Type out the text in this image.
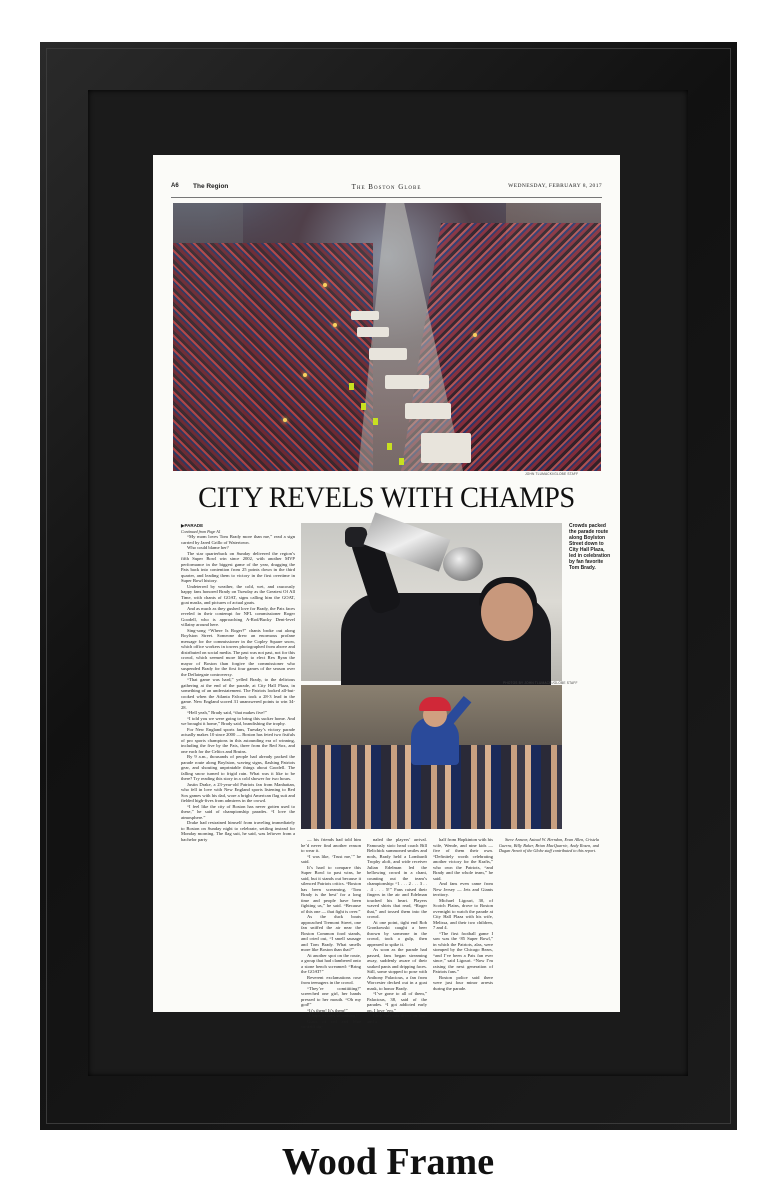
A6 The Region	The Boston Globe	WEDNESDAY, FEBRUARY 8, 2017
JOHN TLUMACKI/GLOBE STAFF
CITY REVELS WITH CHAMPS
▶PARADE
Continued from Page A1

“My mom loves Tom Brady more than me,” read a sign carried by Jared Grillo of Watertown.

Who could blame her?

The star quarterback on Sunday delivered the region’s fifth Super Bowl win since 2002, with another MVP performance in the biggest game of the year, dragging the Pats back into contention from 25 points down in the third quarter, and leading them to victory in the first overtime in Super Bowl history.

Undeterred by weather, the cold, wet, and raucously happy fans honored Brady on Tuesday as the Greatest Of All Time, with chants of GOAT, signs calling him the GOAT, goat masks, and pictures of actual goats.

And as much as they gushed love for Brady, the Pats faces reveled in their contempt for NFL commissioner Roger Goodell, who is approaching A-Rod/Bucky Dent-level villainy around here.

Sing-song “Where Is Roger?” chants broke out along Boylston Street. Someone drew an enormous profane message for the commissioner in the Copley Square snow, which office workers in towers photographed from above and distributed on social media. The past was not past, not for this crowd, which seemed more likely to elect Rex Ryan the mayor of Boston than forgive the commissioner who suspended Brady for the first four games of the season over the Deflategate controversy.

“That game was hard,” yelled Brady, to the delirious gathering at the end of the parade, at City Hall Plaza, in something of an understatement. The Patriots looked all-but-cooked when the Atlanta Falcons took a 28-3 lead in the game. New England scored 31 unanswered points to win 34-28.

“Hell yeah,” Brady said, “that makes five!”

“I told you we were going to bring this sucker home. And we brought it home,” Brady said, brandishing the trophy.

For New England sports fans, Tuesday’s victory parade actually makes 10 since 2000 — Boston has feted two fistfuls of pro sports champions in this astounding era of winning, including the five by the Pats, three from the Red Sox, and one each for the Celtics and Bruins.

By 9 a.m., thousands of people had already packed the parade route along Boylston, waving signs, flashing Patriots gear, and shouting unprintable things about Goodell. The falling snow turned to frigid rain. What was it like to be there? Try reading this story in a cold shower for two hours.

Justin Drake, a 23-year-old Patriots fan from Manhattan, who fell in love with New England sports listening to Red Sox games with his dad, wore a bright American flag suit and fielded high-fives from admirers in the crowd.

“I feel like the city of Boston has never gotten used to these,” he said of championship parades. “I love the atmosphere.”

Drake had restrained himself from traveling immediately to Boston on Sunday night to celebrate, settling instead for Monday morning. The flag suit, he said, was leftover from a bachelor party

PHOTOS BY JOHN TLUMACKI/GLOBE STAFF
Crowds packed the parade route along Boylston Street down to City Hall Plaza, led in celebration by fan favorite Tom Brady.

— his friends had told him he’d never find another reason to wear it.

“I was like, ‘Trust me,’” he said.

It’s hard to compare this Super Bowl to past wins, he said, but it stands out because it silenced Patriots critics. “Boston has been screaming, ‘Tom Brady is the best’ for a long time and people have been fighting us,” he said. “Because of this one — that fight is over.”

As the duck boats approached Tremont Street, one fan sniffed the air near the Boston Common food stands, and cried out, “I smell sausage and Tom Brady. What smells more like Boston than that?”

At another spot on the route, a group that had clambered onto a stone bench screamed: “Bring the GOAT!”

Reverent exclamations rose from teenagers in the crowd.

“They’re comiiiiiing!” screeched one girl, her hands pressed to her mouth. “Oh my god!”

“It’s them! It’s them!”

“I hope he says something!”

Gusts of red and blue confetti sig-

naled the players’ arrival. Famously stoic head coach Bill Belichick summoned smiles and nods, Brady held a Lombardi Trophy aloft, and wide receiver Julian Edelman led the bellowing crowd in a chant, counting out the team’s championship: “1 . . . 2 . . . 3 . . . 4 . . . 5!” Fans raised their fingers in the air and Edelman touched his heart. Players waved shirts that read, “Roger that,” and tossed them into the crowd.

At one point, tight end Rob Gronkowski caught a beer thrown by someone in the crowd, took a gulp, then appeared to spike it.

As soon as the parade had passed, fans began streaming away, suddenly aware of their soaked pants and dripping faces. Still, some stopped to pose with Anthony Palacious, a fan from Worcester decked out in a goat mask, to honor Brady.

“I’ve gone to all of them,” Palacious, 38, said of the parades. “I got addicted early on, I love ’em.”

Chip Salyards drove an hour and a

half from Hopkinton with his wife, Wende, and nine kids — five of them their own. “Definitely worth celebrating another victory for the Krafts,” who own the Patriots, “and Brady and the whole team,” he said.

And fans even came from New Jersey — Jets and Giants territory.

Michael Ligouri, 30, of Scotch Plains, drove to Boston overnight to watch the parade at City Hall Plaza with his wife, Melissa, and their two children, 7 and 4.

“The first football game I saw was the ‘85 Super Bowl,” in which the Patriots, alas, were stomped by the Chicago Bears, “and I’ve been a Pats fan ever since,” said Ligouri. “Now I’m raising the next generation of Patriots fans.”

Boston police said there were just four minor arrests during the parade.

Steve Annear, Astead W. Herndon, Evan Allen, Cristela Guerra, Billy Baker, Brian MacQuarrie, Andy Rosen, and Dugan Arnett of the Globe staff contributed to this report.

Wood Frame
